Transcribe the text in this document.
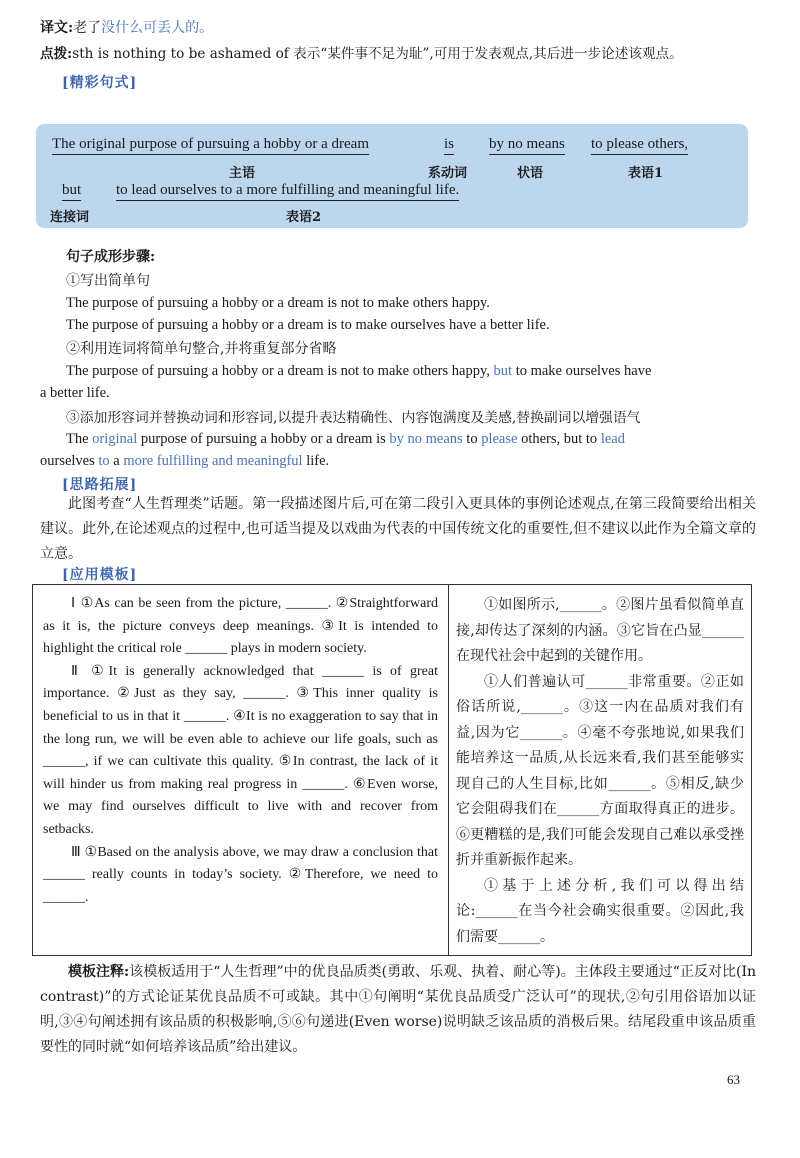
译文:老了没什么可丢人的。
点拨:sth is nothing to be ashamed of 表示“某件事不足为耻”,可用于发表观点,其后进一步论述该观点。
[精彩句式]
The original purpose of pursuing a hobby or a dream	is by no means to please others,
主语	系动词	状语	表语1
but to lead ourselves to a more fulfilling and meaningful life.
连接词	表语2
句子成形步骤:
①写出简单句
The purpose of pursuing a hobby or a dream is not to make others happy.
The purpose of pursuing a hobby or a dream is to make ourselves have a better life.
②利用连词将简单句整合,并将重复部分省略
The purpose of pursuing a hobby or a dream is not to make others happy, but to make ourselves have
a better life.
③添加形容词并替换动词和形容词,以提升表达精确性、内容饱满度及美感,替换副词以增强语气
The original purpose of pursuing a hobby or a dream is by no means to please others, but to lead
ourselves to a more fulfilling and meaningful life.
[思路拓展]
此图考查“人生哲理类”话题。第一段描述图片后,可在第二段引入更具体的事例论述观点,在第三段简要给出相关建议。此外,在论述观点的过程中,也可适当提及以戏曲为代表的中国传统文化的重要性,但不建议以此作为全篇文章的立意。
[应用模板]

Ⅰ ①As can be seen from the picture, ______. ②Straightforward as it is, the picture conveys deep meanings. ③It is intended to highlight the critical role ______ plays in modern society.

Ⅱ ①It is generally acknowledged that ______ is of great importance. ②Just as they say, ______. ③This inner quality is beneficial to us in that it ______. ④It is no exaggeration to say that in the long run, we will be even able to achieve our life goals, such as ______, if we can cultivate this quality. ⑤In contrast, the lack of it will hinder us from making real progress in ______. ⑥Even worse, we may find ourselves difficult to live with and recover from setbacks.

Ⅲ ①Based on the analysis above, we may draw a conclusion that ______ really counts in today’s society. ②Therefore, we need to ______.

①如图所示,______。②图片虽看似简单直接,却传达了深刻的内涵。③它旨在凸显______在现代社会中起到的关键作用。

①人们普遍认可______非常重要。②正如俗话所说,______。③这一内在品质对我们有益,因为它______。④毫不夸张地说,如果我们能培养这一品质,从长远来看,我们甚至能够实现自己的人生目标,比如______。⑤相反,缺少它会阻碍我们在______方面取得真正的进步。⑥更糟糕的是,我们可能会发现自己难以承受挫折并重新振作起来。

①基于上述分析,我们可以得出结论:______在当今社会确实很重要。②因此,我们需要______。

模板注释:该模板适用于“人生哲理”中的优良品质类(勇敢、乐观、执着、耐心等)。主体段主要通过“正反对比(In contrast)”的方式论证某优良品质不可或缺。其中①句阐明“某优良品质受广泛认可”的现状,②句引用俗语加以证明,③④句阐述拥有该品质的积极影响,⑤⑥句递进(Even worse)说明缺乏该品质的消极后果。结尾段重申该品质重要性的同时就“如何培养该品质”给出建议。
63
